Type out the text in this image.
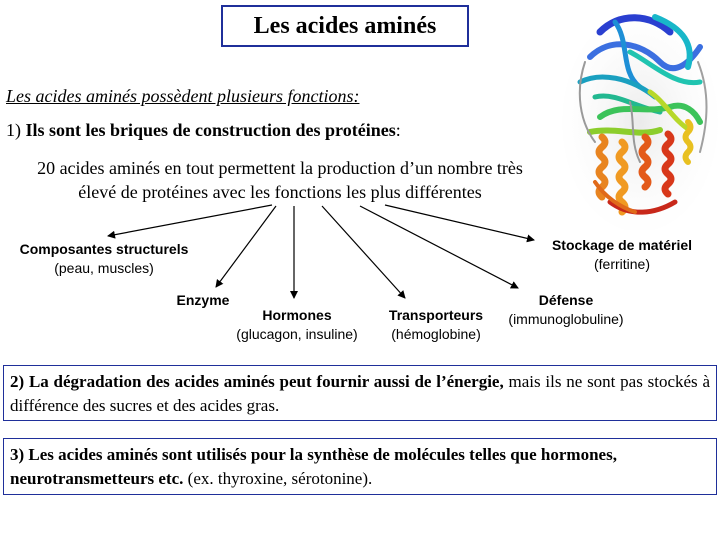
Les acides aminés
Les acides aminés possèdent plusieurs fonctions:
1) Ils sont les briques de construction des protéines:
20 acides aminés en tout permettent la production d’un nombre très
élevé de protéines avec les fonctions les plus différentes
Composantes structurels
(peau, muscles)
Enzyme
Hormones
(glucagon, insuline)
Transporteurs
(hémoglobine)
Défense
(immunoglobuline)
Stockage de matériel
(ferritine)
2) La dégradation des acides aminés peut fournir aussi de l’énergie, mais ils ne sont pas stockés à différence des sucres et des acides gras.
3) Les acides aminés sont utilisés pour la synthèse de molécules telles que hormones, neurotransmetteurs etc. (ex. thyroxine, sérotonine).
